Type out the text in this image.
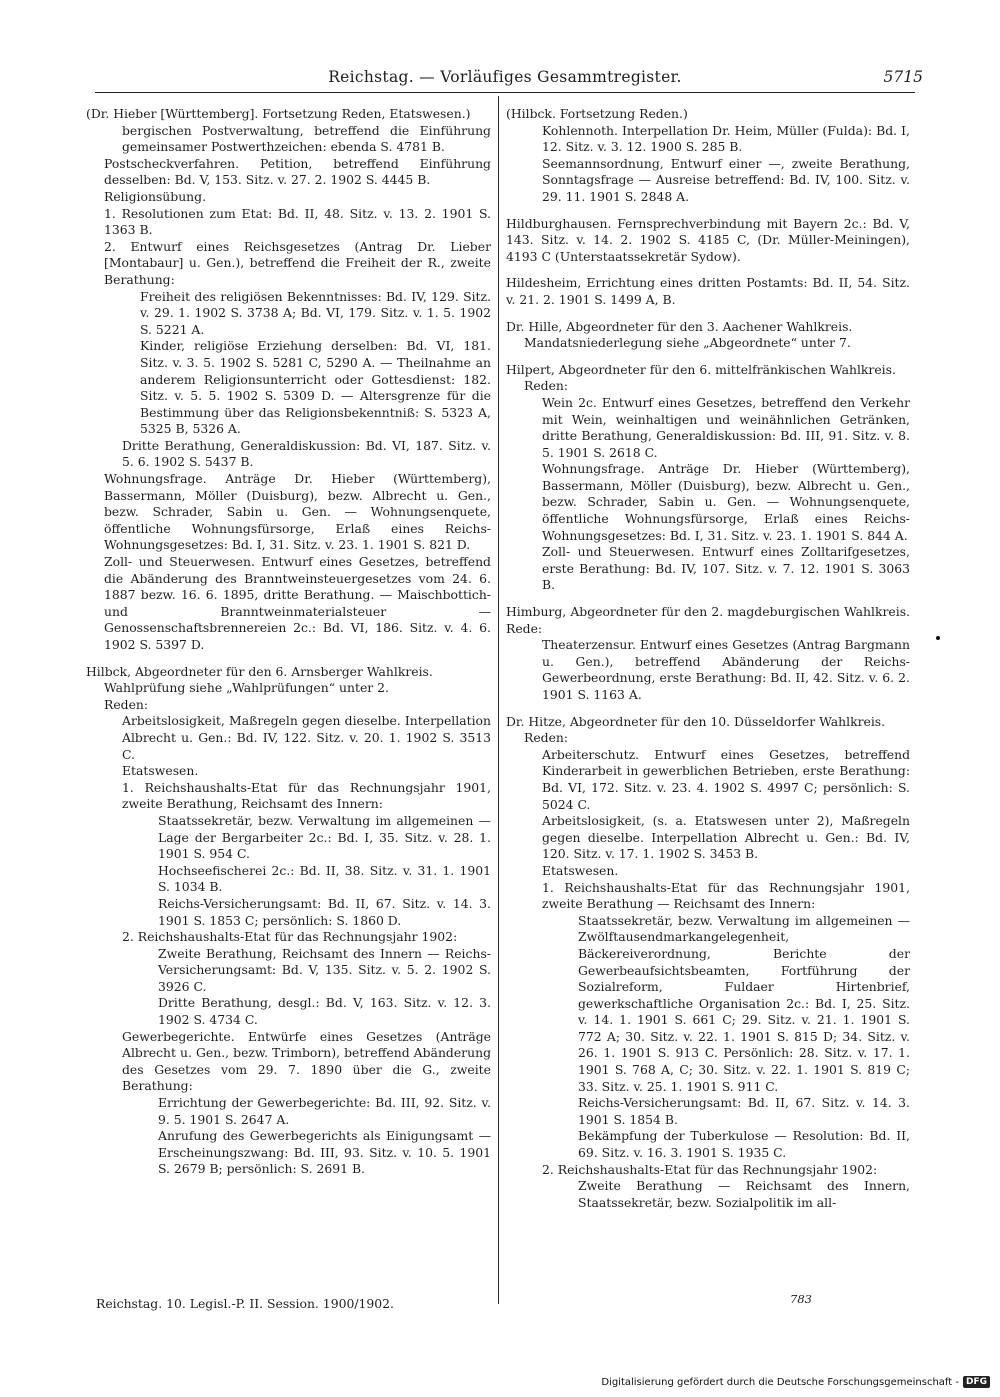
Reichstag. — Vorläufiges Gesammtregister.	5715

(Dr. Hieber [Württemberg]. Fortsetzung Reden, Etatswesen.)

bergischen Postverwaltung, betreffend die Einführung gemeinsamer Postwerthzeichen: ebenda S. 4781 B.

Postscheckverfahren. Petition, betreffend Einführung desselben: Bd. V, 153. Sitz. v. 27. 2. 1902 S. 4445 B.

Religionsübung.

1. Resolutionen zum Etat: Bd. II, 48. Sitz. v. 13. 2. 1901 S. 1363 B.

2. Entwurf eines Reichsgesetzes (Antrag Dr. Lieber [Montabaur] u. Gen.), betreffend die Freiheit der R., zweite Berathung:

Freiheit des religiösen Bekenntnisses: Bd. IV, 129. Sitz. v. 29. 1. 1902 S. 3738 A; Bd. VI, 179. Sitz. v. 1. 5. 1902 S. 5221 A.

Kinder, religiöse Erziehung derselben: Bd. VI, 181. Sitz. v. 3. 5. 1902 S. 5281 C, 5290 A. — Theilnahme an anderem Religionsunterricht oder Gottesdienst: 182. Sitz. v. 5. 5. 1902 S. 5309 D. — Altersgrenze für die Bestimmung über das Religionsbekenntniß: S. 5323 A, 5325 B, 5326 A.

Dritte Berathung, Generaldiskussion: Bd. VI, 187. Sitz. v. 5. 6. 1902 S. 5437 B.

Wohnungsfrage. Anträge Dr. Hieber (Württemberg), Bassermann, Möller (Duisburg), bezw. Albrecht u. Gen., bezw. Schrader, Sabin u. Gen. — Wohnungsenquete, öffentliche Wohnungsfürsorge, Erlaß eines Reichs-Wohnungsgesetzes: Bd. I, 31. Sitz. v. 23. 1. 1901 S. 821 D.

Zoll- und Steuerwesen. Entwurf eines Gesetzes, betreffend die Abänderung des Branntweinsteuergesetzes vom 24. 6. 1887 bezw. 16. 6. 1895, dritte Berathung. — Maischbottich- und Branntweinmaterialsteuer — Genossenschaftsbrennereien 2c.: Bd. VI, 186. Sitz. v. 4. 6. 1902 S. 5397 D.

Hilbck, Abgeordneter für den 6. Arnsberger Wahlkreis.

Wahlprüfung siehe „Wahlprüfungen“ unter 2.

Reden:

Arbeitslosigkeit, Maßregeln gegen dieselbe. Interpellation Albrecht u. Gen.: Bd. IV, 122. Sitz. v. 20. 1. 1902 S. 3513 C.

Etatswesen.

1. Reichshaushalts-Etat für das Rechnungsjahr 1901, zweite Berathung, Reichsamt des Innern:

Staatssekretär, bezw. Verwaltung im allgemeinen — Lage der Bergarbeiter 2c.: Bd. I, 35. Sitz. v. 28. 1. 1901 S. 954 C.

Hochseefischerei 2c.: Bd. II, 38. Sitz. v. 31. 1. 1901 S. 1034 B.

Reichs-Versicherungsamt: Bd. II, 67. Sitz. v. 14. 3. 1901 S. 1853 C; persönlich: S. 1860 D.

2. Reichshaushalts-Etat für das Rechnungsjahr 1902:

Zweite Berathung, Reichsamt des Innern — Reichs-Versicherungsamt: Bd. V, 135. Sitz. v. 5. 2. 1902 S. 3926 C.

Dritte Berathung, desgl.: Bd. V, 163. Sitz. v. 12. 3. 1902 S. 4734 C.

Gewerbegerichte. Entwürfe eines Gesetzes (Anträge Albrecht u. Gen., bezw. Trimborn), betreffend Abänderung des Gesetzes vom 29. 7. 1890 über die G., zweite Berathung:

Errichtung der Gewerbegerichte: Bd. III, 92. Sitz. v. 9. 5. 1901 S. 2647 A.

Anrufung des Gewerbegerichts als Einigungsamt — Erscheinungszwang: Bd. III, 93. Sitz. v. 10. 5. 1901 S. 2679 B; persönlich: S. 2691 B.

(Hilbck. Fortsetzung Reden.)

Kohlennoth. Interpellation Dr. Heim, Müller (Fulda): Bd. I, 12. Sitz. v. 3. 12. 1900 S. 285 B.

Seemannsordnung, Entwurf einer —, zweite Berathung, Sonntagsfrage — Ausreise betreffend: Bd. IV, 100. Sitz. v. 29. 11. 1901 S. 2848 A.

Hildburghausen. Fernsprechverbindung mit Bayern 2c.: Bd. V, 143. Sitz. v. 14. 2. 1902 S. 4185 C, (Dr. Müller-Meiningen), 4193 C (Unterstaatssekretär Sydow).

Hildesheim, Errichtung eines dritten Postamts: Bd. II, 54. Sitz. v. 21. 2. 1901 S. 1499 A, B.

Dr. Hille, Abgeordneter für den 3. Aachener Wahlkreis.

Mandatsniederlegung siehe „Abgeordnete“ unter 7.

Hilpert, Abgeordneter für den 6. mittelfränkischen Wahlkreis.

Reden:

Wein 2c. Entwurf eines Gesetzes, betreffend den Verkehr mit Wein, weinhaltigen und weinähnlichen Getränken, dritte Berathung, Generaldiskussion: Bd. III, 91. Sitz. v. 8. 5. 1901 S. 2618 C.

Wohnungsfrage. Anträge Dr. Hieber (Württemberg), Bassermann, Möller (Duisburg), bezw. Albrecht u. Gen., bezw. Schrader, Sabin u. Gen. — Wohnungsenquete, öffentliche Wohnungsfürsorge, Erlaß eines Reichs-Wohnungsgesetzes: Bd. I, 31. Sitz. v. 23. 1. 1901 S. 844 A.

Zoll- und Steuerwesen. Entwurf eines Zolltarifgesetzes, erste Berathung: Bd. IV, 107. Sitz. v. 7. 12. 1901 S. 3063 B.

Himburg, Abgeordneter für den 2. magdeburgischen Wahlkreis. Rede:

Theaterzensur. Entwurf eines Gesetzes (Antrag Bargmann u. Gen.), betreffend Abänderung der Reichs-Gewerbeordnung, erste Berathung: Bd. II, 42. Sitz. v. 6. 2. 1901 S. 1163 A.

Dr. Hitze, Abgeordneter für den 10. Düsseldorfer Wahlkreis.

Reden:

Arbeiterschutz. Entwurf eines Gesetzes, betreffend Kinderarbeit in gewerblichen Betrieben, erste Berathung: Bd. VI, 172. Sitz. v. 23. 4. 1902 S. 4997 C; persönlich: S. 5024 C.

Arbeitslosigkeit, (s. a. Etatswesen unter 2), Maßregeln gegen dieselbe. Interpellation Albrecht u. Gen.: Bd. IV, 120. Sitz. v. 17. 1. 1902 S. 3453 B.

Etatswesen.

1. Reichshaushalts-Etat für das Rechnungsjahr 1901, zweite Berathung — Reichsamt des Innern:

Staatssekretär, bezw. Verwaltung im allgemeinen — Zwölftausendmarkangelegenheit, Bäckereiverordnung, Berichte der Gewerbeaufsichtsbeamten, Fortführung der Sozialreform, Fuldaer Hirtenbrief, gewerkschaftliche Organisation 2c.: Bd. I, 25. Sitz. v. 14. 1. 1901 S. 661 C; 29. Sitz. v. 21. 1. 1901 S. 772 A; 30. Sitz. v. 22. 1. 1901 S. 815 D; 34. Sitz. v. 26. 1. 1901 S. 913 C. Persönlich: 28. Sitz. v. 17. 1. 1901 S. 768 A, C; 30. Sitz. v. 22. 1. 1901 S. 819 C; 33. Sitz. v. 25. 1. 1901 S. 911 C.

Reichs-Versicherungsamt: Bd. II, 67. Sitz. v. 14. 3. 1901 S. 1854 B.

Bekämpfung der Tuberkulose — Resolution: Bd. II, 69. Sitz. v. 16. 3. 1901 S. 1935 C.

2. Reichshaushalts-Etat für das Rechnungsjahr 1902:

Zweite Berathung — Reichsamt des Innern, Staatssekretär, bezw. Sozialpolitik im all-

Reichstag. 10. Legisl.-P. II. Session. 1900/1902.	783
Digitalisierung gefördert durch die Deutsche Forschungsgemeinschaft - DFG
